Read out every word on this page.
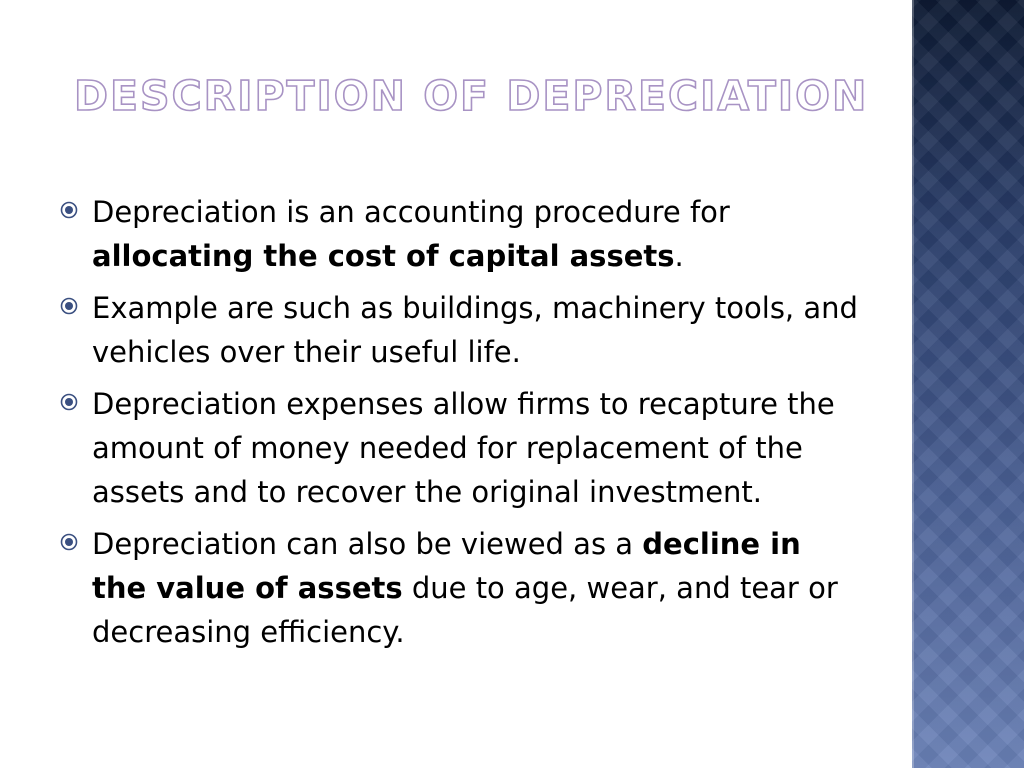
DESCRIPTION OF DEPRECIATION
Depreciation is an accounting procedure for allocating the cost of capital assets.
Example are such as buildings, machinery tools, and vehicles over their useful life.
Depreciation expenses allow firms to recapture the amount of money needed for replacement of the assets and to recover the original investment.
Depreciation can also be viewed as a decline in the value of assets due to age, wear, and tear or decreasing efficiency.
